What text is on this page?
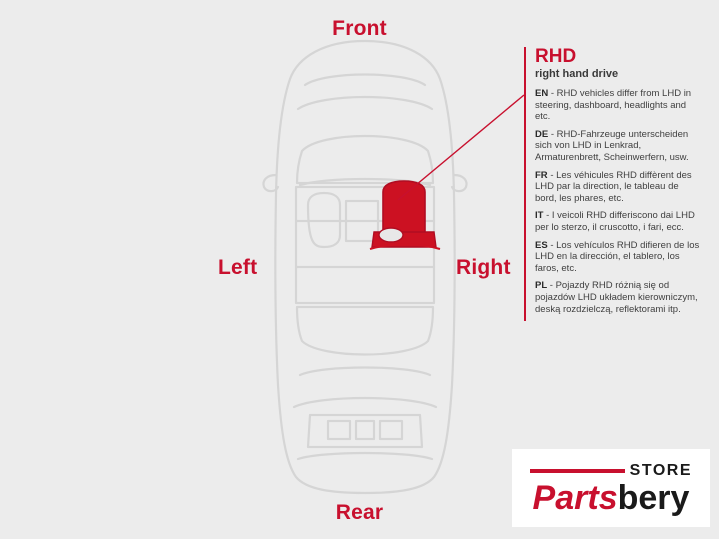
Front
Rear
Left	Right
RHD
right hand drive
EN - RHD vehicles differ from LHD in steering, dashboard, headlights and etc.
DE - RHD-Fahrzeuge unterscheiden sich von LHD in Lenkrad, Armaturenbrett, Scheinwerfern, usw.
FR - Les véhicules RHD diffèrent des LHD par la direction, le tableau de bord, les phares, etc.
IT - I veicoli RHD differiscono dai LHD per lo sterzo, il cruscotto, i fari, ecc.
ES - Los vehículos RHD difieren de los LHD en la dirección, el tablero, los faros, etc.
PL - Pojazdy RHD różnią się od pojazdów LHD układem kierowniczym, deską rozdzielczą, reflektorami itp.
STORE
Partsbery
